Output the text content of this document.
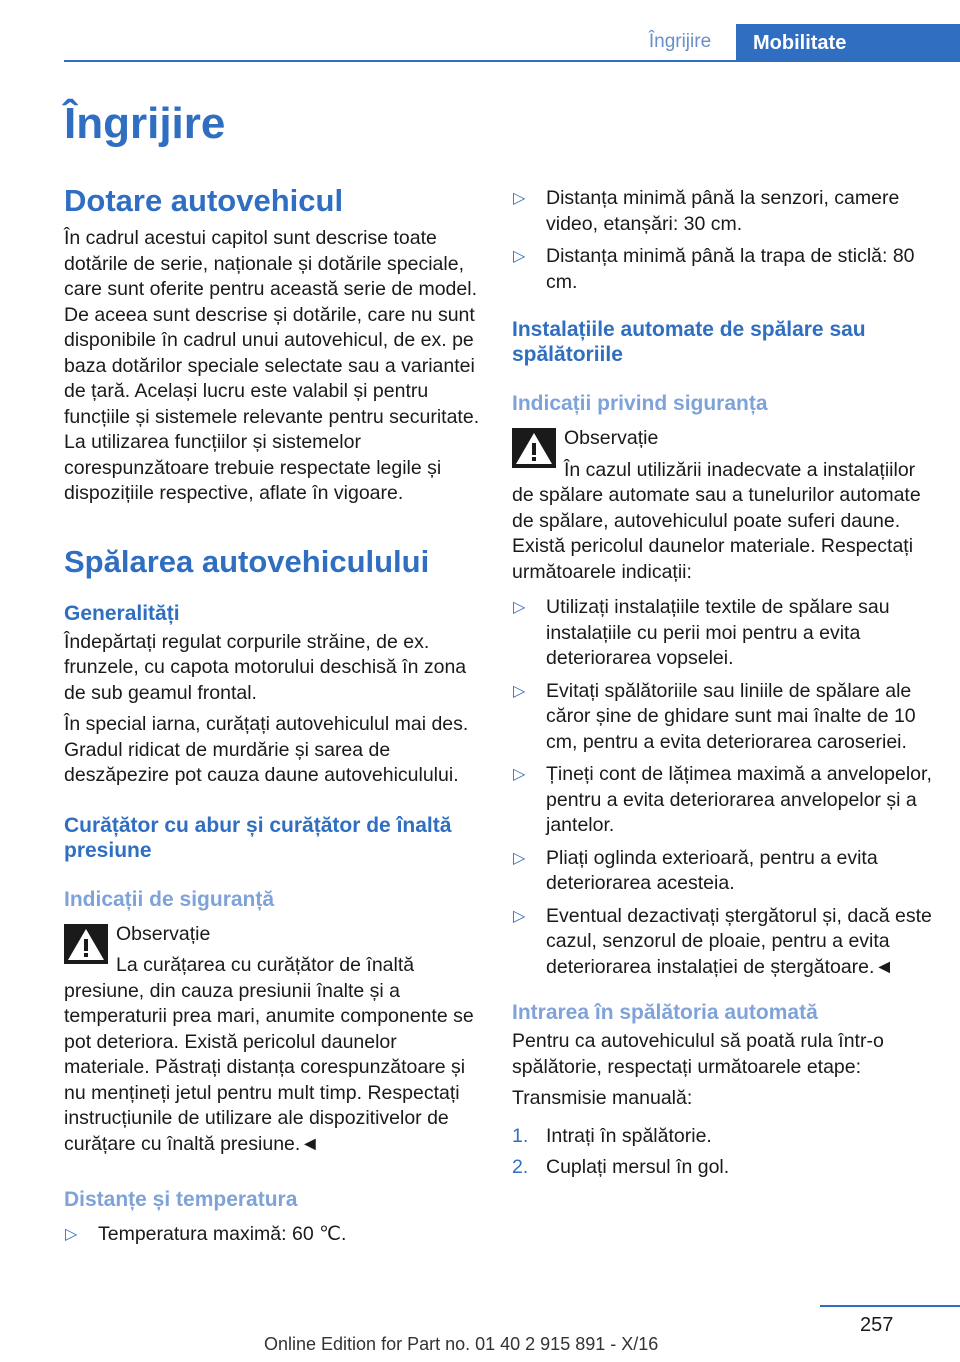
Îngrijire	Mobilitate
Îngrijire
Dotare autovehicul

În cadrul acestui capitol sunt descrise toate dotările de serie, naționale și dotările speciale, care sunt oferite pentru această serie de model. De aceea sunt descrise și dotările, care nu sunt disponibile în cadrul unui autovehicul, de ex. pe baza dotărilor speciale selectate sau a variantei de țară. Același lucru este valabil și pentru funcțiile și sistemele relevante pentru securitate. La utilizarea funcțiilor și sistemelor corespunzătoare trebuie respectate legile și dispozițiile respective, aflate în vigoare.

Spălarea autovehiculului
Generalități

Îndepărtați regulat corpurile străine, de ex. frunzele, cu capota motorului deschisă în zona de sub geamul frontal.

În special iarna, curățați autovehiculul mai des. Gradul ridicat de murdărie și sarea de deszăpezire pot cauza daune autovehiculului.

Curățător cu abur și curățător de înaltă presiune
Indicații de siguranță
Observație
La curățarea cu curățător de înaltă presiune, din cauza presiunii înalte și a temperaturii prea mari, anumite componente se pot deteriora. Există pericolul daunelor materiale. Păstrați distanța corespunzătoare și nu mențineți jetul pentru mult timp. Respectați instrucțiunile de utilizare ale dispozitivelor de curățare cu înaltă presiune.◄
Distanțe și temperatura
▷ Temperatura maximă: 60 ℃.
▷ Distanța minimă până la senzori, camere video, etanșări: 30 cm.
▷ Distanța minimă până la trapa de sticlă: 80 cm.
Instalațiile automate de spălare sau spălătoriile
Indicații privind siguranța
Observație
În cazul utilizării inadecvate a instalațiilor de spălare automate sau a tunelurilor automate de spălare, autovehiculul poate suferi daune. Există pericolul daunelor materiale. Respectați următoarele indicații:
▷ Utilizați instalațiile textile de spălare sau instalațiile cu perii moi pentru a evita deteriorarea vopselei.
▷ Evitați spălătoriile sau liniile de spălare ale căror șine de ghidare sunt mai înalte de 10 cm, pentru a evita deteriorarea caroseriei.
▷ Țineți cont de lățimea maximă a anvelopelor, pentru a evita deteriorarea anvelopelor și a jantelor.
▷ Pliați oglinda exterioară, pentru a evita deteriorarea acesteia.
▷ Eventual dezactivați ștergătorul și, dacă este cazul, senzorul de ploaie, pentru a evita deteriorarea instalației de ștergătoare.◄
Intrarea în spălătoria automată

Pentru ca autovehiculul să poată rula într-o spălătorie, respectați următoarele etape:

Transmisie manuală:

1. Intrați în spălătorie.
2. Cuplați mersul în gol.
257
Online Edition for Part no. 01 40 2 915 891 - X/16
